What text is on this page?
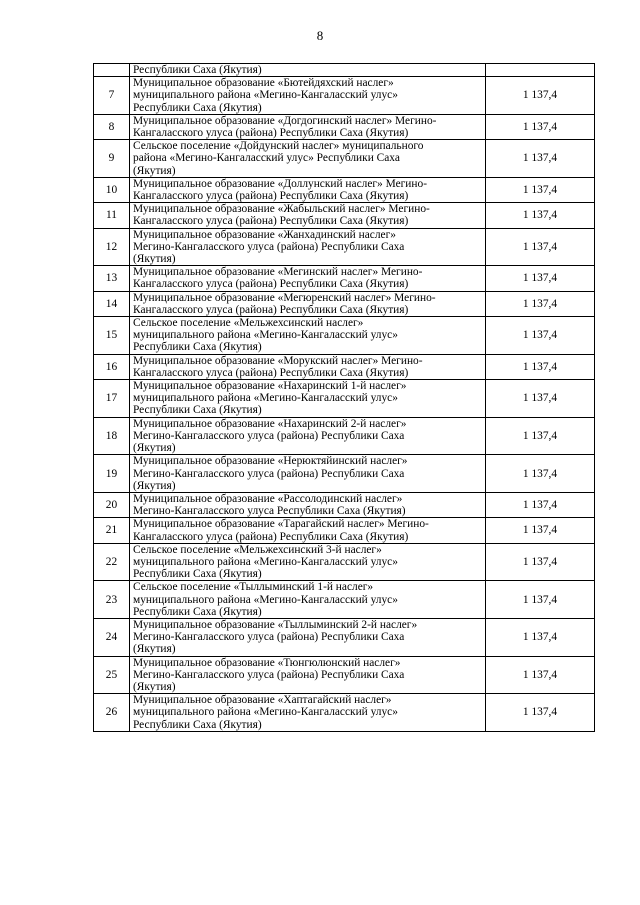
8
	Республики Саха (Якутия)	
7	Муниципальное образование «Бютейдяхский наслег»
муниципального района «Мегино-Кангаласский улус»
Республики Саха (Якутия)	1 137,4
8	Муниципальное образование «Догдогинский наслег» Мегино-
Кангаласского улуса (района) Республики Саха (Якутия)	1 137,4
9	Сельское поселение «Дойдунский наслег» муниципального
района «Мегино-Кангаласский улус» Республики Саха
(Якутия)	1 137,4
10	Муниципальное образование «Доллунский наслег» Мегино-
Кангаласского улуса (района) Республики Саха (Якутия)	1 137,4
11	Муниципальное образование «Жабыльский наслег» Мегино-
Кангаласского улуса (района) Республики Саха (Якутия)	1 137,4
12	Муниципальное образование «Жанхадинский наслег»
Мегино-Кангаласского улуса (района) Республики Саха
(Якутия)	1 137,4
13	Муниципальное образование «Мегинский наслег» Мегино-
Кангаласского улуса (района) Республики Саха (Якутия)	1 137,4
14	Муниципальное образование «Мегюренский наслег» Мегино-
Кангаласского улуса (района) Республики Саха (Якутия)	1 137,4
15	Сельское поселение «Мельжехсинский наслег»
муниципального района «Мегино-Кангаласский улус»
Республики Саха (Якутия)	1 137,4
16	Муниципальное образование «Морукский наслег» Мегино-
Кангаласского улуса (района) Республики Саха (Якутия)	1 137,4
17	Муниципальное образование «Нахаринский 1-й наслег»
муниципального района «Мегино-Кангаласский улус»
Республики Саха (Якутия)	1 137,4
18	Муниципальное образование «Нахаринский 2-й наслег»
Мегино-Кангаласского улуса (района) Республики Саха
(Якутия)	1 137,4
19	Муниципальное образование «Нерюктяйинский наслег»
Мегино-Кангаласского улуса (района) Республики Саха
(Якутия)	1 137,4
20	Муниципальное образование «Рассолодинский наслег»
Мегино-Кангаласского улуса Республики Саха (Якутия)	1 137,4
21	Муниципальное образование «Тарагайский наслег» Мегино-
Кангаласского улуса (района) Республики Саха (Якутия)	1 137,4
22	Сельское поселение «Мельжехсинский 3-й наслег»
муниципального района «Мегино-Кангаласский улус»
Республики Саха (Якутия)	1 137,4
23	Сельское поселение «Тыллыминский 1-й наслег»
муниципального района «Мегино-Кангаласский улус»
Республики Саха (Якутия)	1 137,4
24	Муниципальное образование «Тыллыминский 2-й наслег»
Мегино-Кангаласского улуса (района) Республики Саха
(Якутия)	1 137,4
25	Муниципальное образование «Тюнгюлюнский наслег»
Мегино-Кангаласского улуса (района) Республики Саха
(Якутия)	1 137,4
26	Муниципальное образование «Хаптагайский наслег»
муниципального района «Мегино-Кангаласский улус»
Республики Саха (Якутия)	1 137,4
